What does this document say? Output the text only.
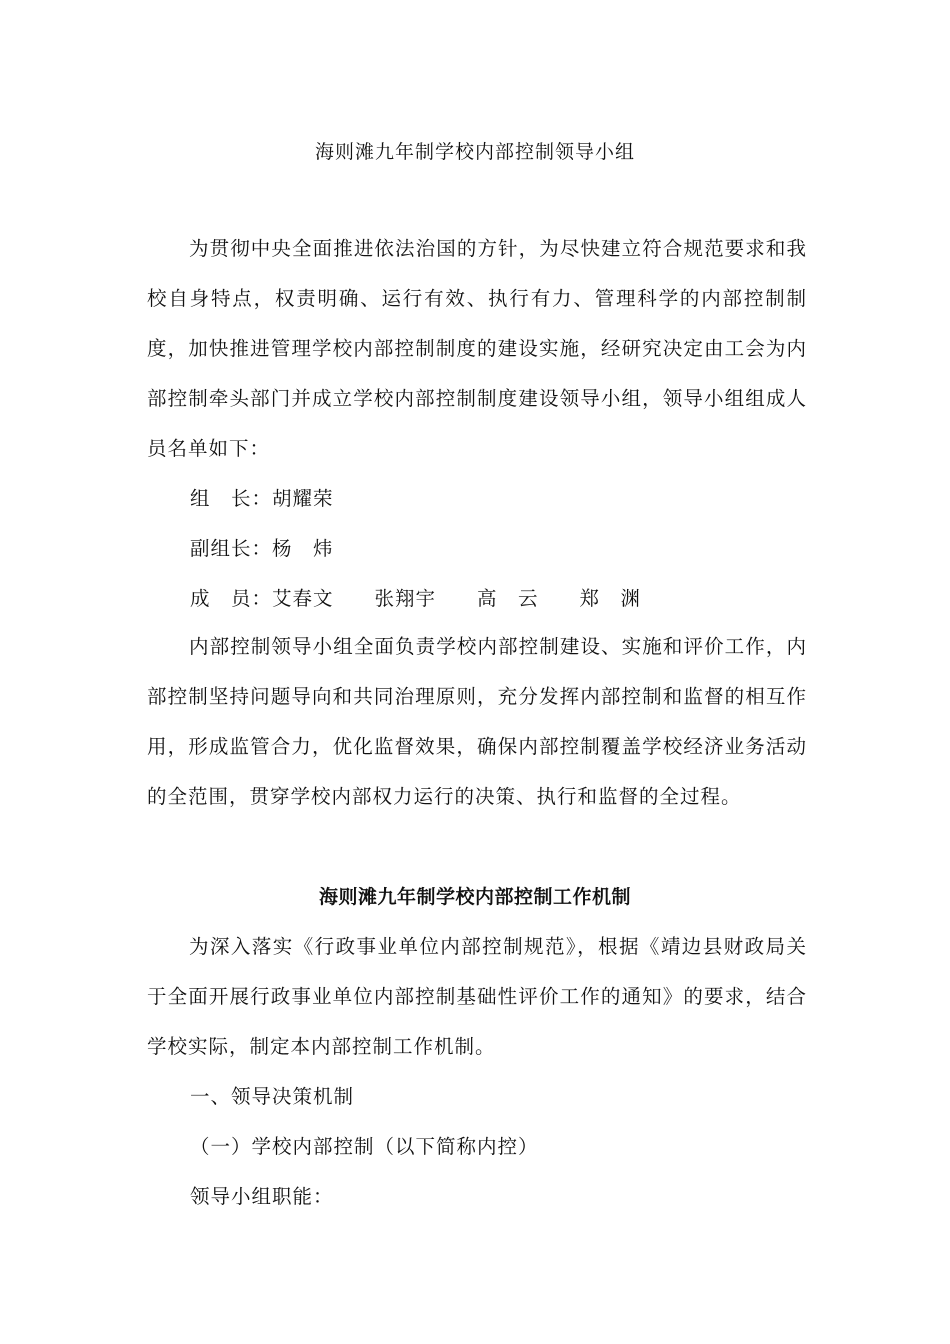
海则滩九年制学校内部控制领导小组
为贯彻中央全面推进依法治国的方针，为尽快建立符合规范要求和我校自身特点，权责明确、运行有效、执行有力、管理科学的内部控制制度，加快推进管理学校内部控制制度的建设实施，经研究决定由工会为内部控制牵头部门并成立学校内部控制制度建设领导小组，领导小组组成人员名单如下：
组　长：胡耀荣
副组长：杨　炜
成　员：艾春文　　张翔宇　　高　云　　郑　渊
内部控制领导小组全面负责学校内部控制建设、实施和评价工作，内部控制坚持问题导向和共同治理原则，充分发挥内部控制和监督的相互作用，形成监管合力，优化监督效果，确保内部控制覆盖学校经济业务活动的全范围，贯穿学校内部权力运行的决策、执行和监督的全过程。
海则滩九年制学校内部控制工作机制
为深入落实《行政事业单位内部控制规范》，根据《靖边县财政局关于全面开展行政事业单位内部控制基础性评价工作的通知》的要求，结合学校实际，制定本内部控制工作机制。
一、领导决策机制
（一）学校内部控制（以下简称内控）
领导小组职能：
